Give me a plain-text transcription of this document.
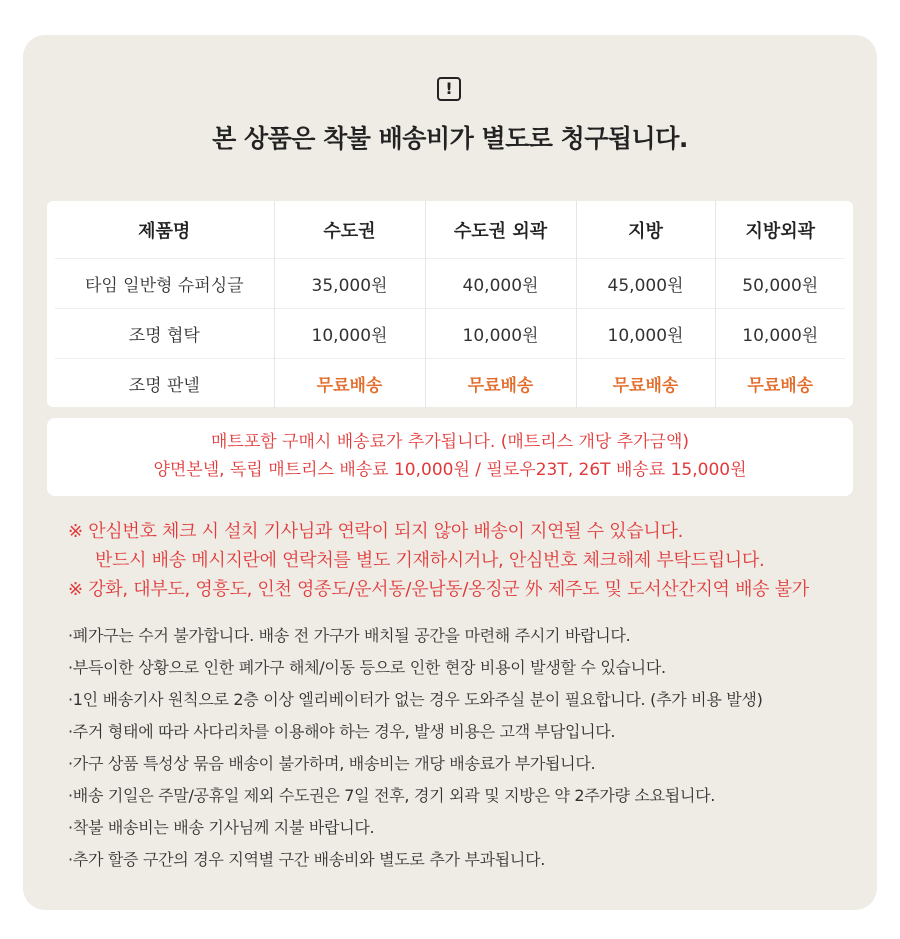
!
본 상품은 착불 배송비가 별도로 청구됩니다.
제품명	수도권	수도권 외곽	지방	지방외곽
타임 일반형 슈퍼싱글	35,000원	40,000원	45,000원	50,000원
조명 협탁	10,000원	10,000원	10,000원	10,000원
조명 판넬	무료배송	무료배송	무료배송	무료배송
매트포함 구매시 배송료가 추가됩니다. (매트리스 개당 추가금액)
양면본넬, 독립 매트리스 배송료 10,000원 / 필로우23T, 26T 배송료 15,000원
※ 안심번호 체크 시 설치 기사님과 연락이 되지 않아 배송이 지연될 수 있습니다.
반드시 배송 메시지란에 연락처를 별도 기재하시거나, 안심번호 체크해제 부탁드립니다.
※ 강화, 대부도, 영흥도, 인천 영종도/운서동/운남동/옹징군 外 제주도 및 도서산간지역 배송 불가
·폐가구는 수거 불가합니다. 배송 전 가구가 배치될 공간을 마련해 주시기 바랍니다.
·부득이한 상황으로 인한 폐가구 해체/이동 등으로 인한 현장 비용이 발생할 수 있습니다.
·1인 배송기사 원칙으로 2층 이상 엘리베이터가 없는 경우 도와주실 분이 필요합니다. (추가 비용 발생)
·주거 형태에 따라 사다리차를 이용해야 하는 경우, 발생 비용은 고객 부담입니다.
·가구 상품 특성상 묶음 배송이 불가하며, 배송비는 개당 배송료가 부가됩니다.
·배송 기일은 주말/공휴일 제외 수도권은 7일 전후, 경기 외곽 및 지방은 약 2주가량 소요됩니다.
·착불 배송비는 배송 기사님께 지불 바랍니다.
·추가 할증 구간의 경우 지역별 구간 배송비와 별도로 추가 부과됩니다.
